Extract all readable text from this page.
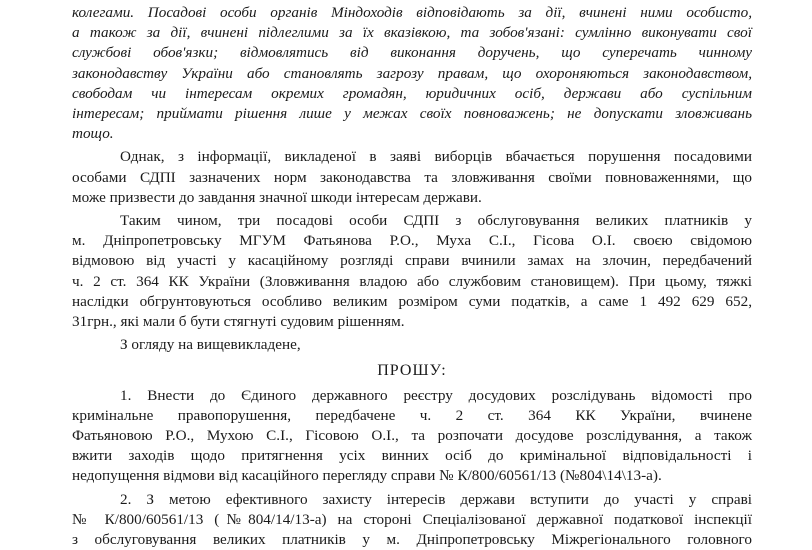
колегами. Посадові особи органів Міндоходів відповідають за дії, вчинені ними особисто,
а також за дії, вчинені підлеглими за їх вказівкою, та зобов'язані: сумлінно виконувати свої
службові обов'язки; відмовлятись від виконання доручень, що суперечать чинному
законодавству України або становлять загрозу правам, що охороняються законодавством,
свободам чи інтересам окремих громадян, юридичних осіб, держави або суспільним
інтересам; приймати рішення лише у межах своїх повноважень; не допускати зловживань
тощо.
Однак, з інформації, викладеної в заяві виборців вбачається порушення посадовими
особами СДПІ зазначених норм законодавства та зловживання своїми повноваженнями, що
може призвести до завдання значної шкоди інтересам держави.
Таким чином, три посадові особи СДПІ з обслуговування великих платників у
м. Дніпропетровську МГУМ Фатьянова Р.О., Муха С.І., Гісова О.І. своєю свідомою
відмовою від участі у касаційному розгляді справи вчинили замах на злочин, передбачений
ч. 2 ст. 364 КК України (Зловживання владою або службовим становищем). При цьому, тяжкі
наслідки обгрунтовуються особливо великим розміром суми податків, а саме 1 492 629 652,
31грн., які мали б бути стягнуті судовим рішенням.
З огляду на вищевикладене,
ПРОШУ:
1. Внести до Єдиного державного реєстру досудових розслідувань відомості про
кримінальне правопорушення, передбачене ч. 2 ст. 364 КК України, вчинене
Фатьяновою Р.О., Мухою С.І., Гісовою О.І., та розпочати досудове розслідування, а також
вжити заходів щодо притягнення усіх винних осіб до кримінальної відповідальності і
недопущення відмови від касаційного перегляду справи № К/800/60561/13 (№804\14\13-а).
2. З метою ефективного захисту інтересів держави вступити до участі у справі
№ К/800/60561/13 (№804/14/13-а) на стороні Спеціалізованої державної податкової інспекції
з обслуговування великих платників у м. Дніпропетровську Міжрегіонального головного
